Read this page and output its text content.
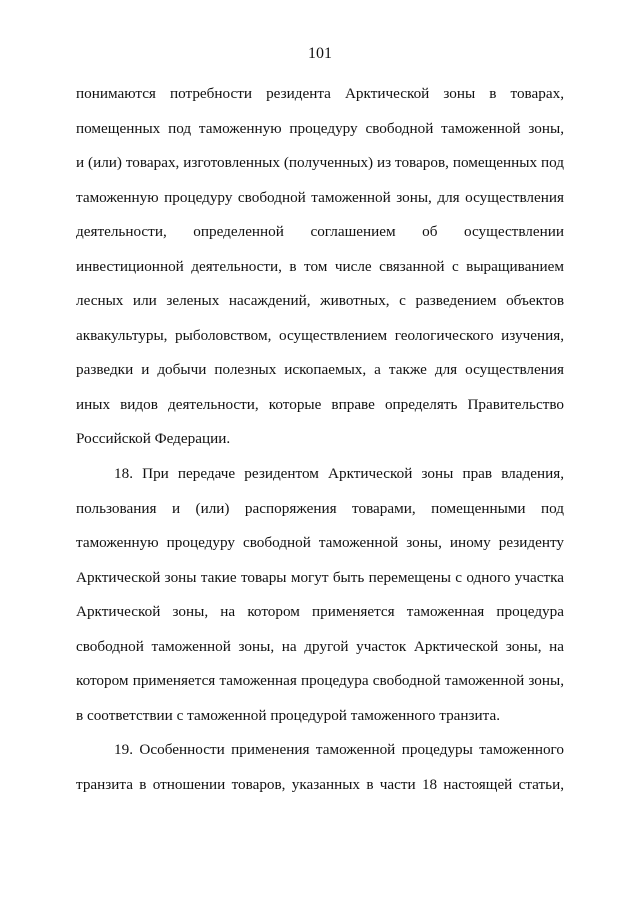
101
понимаются потребности резидента Арктической зоны в товарах,
помещенных под таможенную процедуру свободной таможенной зоны,
и (или) товарах, изготовленных (полученных) из товаров, помещенных под
таможенную процедуру свободной таможенной зоны, для осуществления
деятельности, определенной соглашением об осуществлении
инвестиционной деятельности, в том числе связанной с выращиванием
лесных или зеленых насаждений, животных, с разведением объектов
аквакультуры, рыболовством, осуществлением геологического изучения,
разведки и добычи полезных ископаемых, а также для осуществления
иных видов деятельности, которые вправе определять Правительство
Российской Федерации.
18. При передаче резидентом Арктической зоны прав владения,
пользования и (или) распоряжения товарами, помещенными под
таможенную процедуру свободной таможенной зоны, иному резиденту
Арктической зоны такие товары могут быть перемещены с одного участка
Арктической зоны, на котором применяется таможенная процедура
свободной таможенной зоны, на другой участок Арктической зоны, на
котором применяется таможенная процедура свободной таможенной зоны,
в соответствии с таможенной процедурой таможенного транзита.
19. Особенности применения таможенной процедуры таможенного
транзита в отношении товаров, указанных в части 18 настоящей статьи,
